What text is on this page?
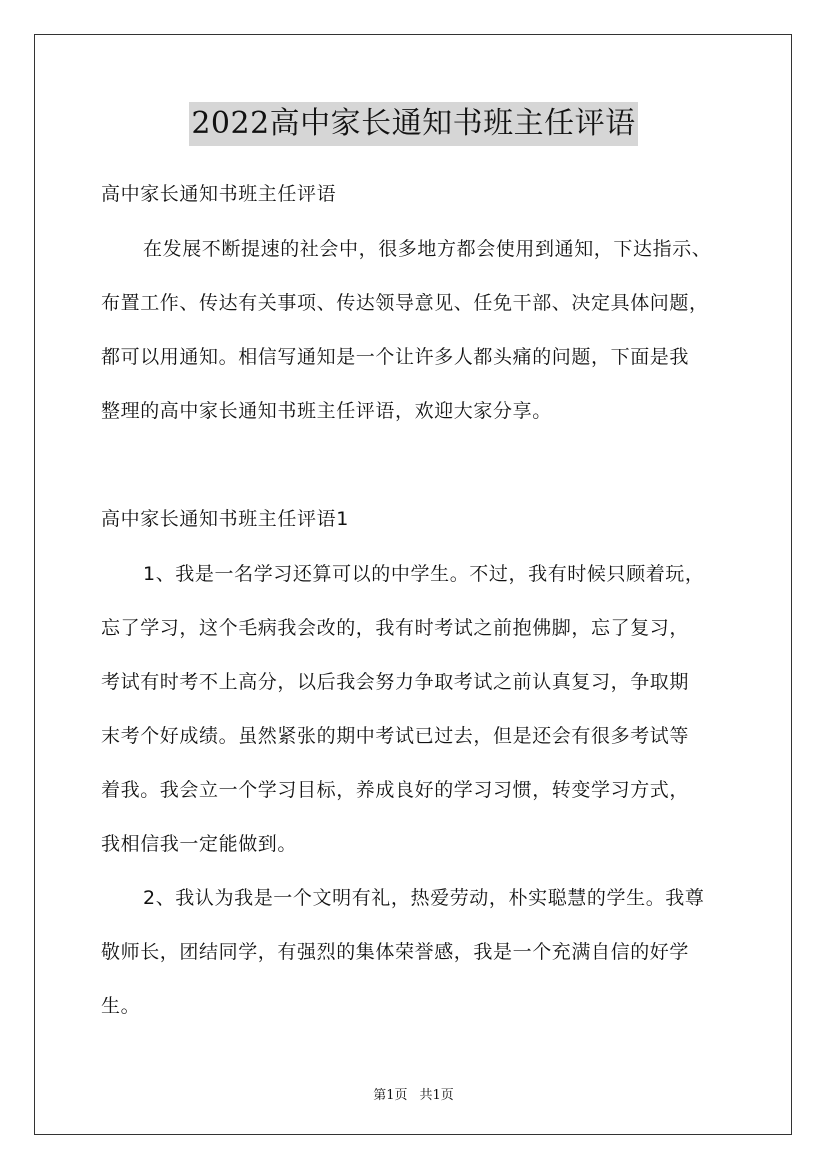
2022高中家长通知书班主任评语
高中家长通知书班主任评语
在发展不断提速的社会中，很多地方都会使用到通知，下达指示、
布置工作、传达有关事项、传达领导意见、任免干部、决定具体问题，
都可以用通知。相信写通知是一个让许多人都头痛的问题，下面是我
整理的高中家长通知书班主任评语，欢迎大家分享。
高中家长通知书班主任评语1
1、我是一名学习还算可以的中学生。不过，我有时候只顾着玩，
忘了学习，这个毛病我会改的，我有时考试之前抱佛脚，忘了复习，
考试有时考不上高分，以后我会努力争取考试之前认真复习，争取期
末考个好成绩。虽然紧张的期中考试已过去，但是还会有很多考试等
着我。我会立一个学习目标，养成良好的学习习惯，转变学习方式，
我相信我一定能做到。
2、我认为我是一个文明有礼，热爱劳动，朴实聪慧的学生。我尊
敬师长，团结同学，有强烈的集体荣誉感，我是一个充满自信的好学
生。
第1页 共1页
